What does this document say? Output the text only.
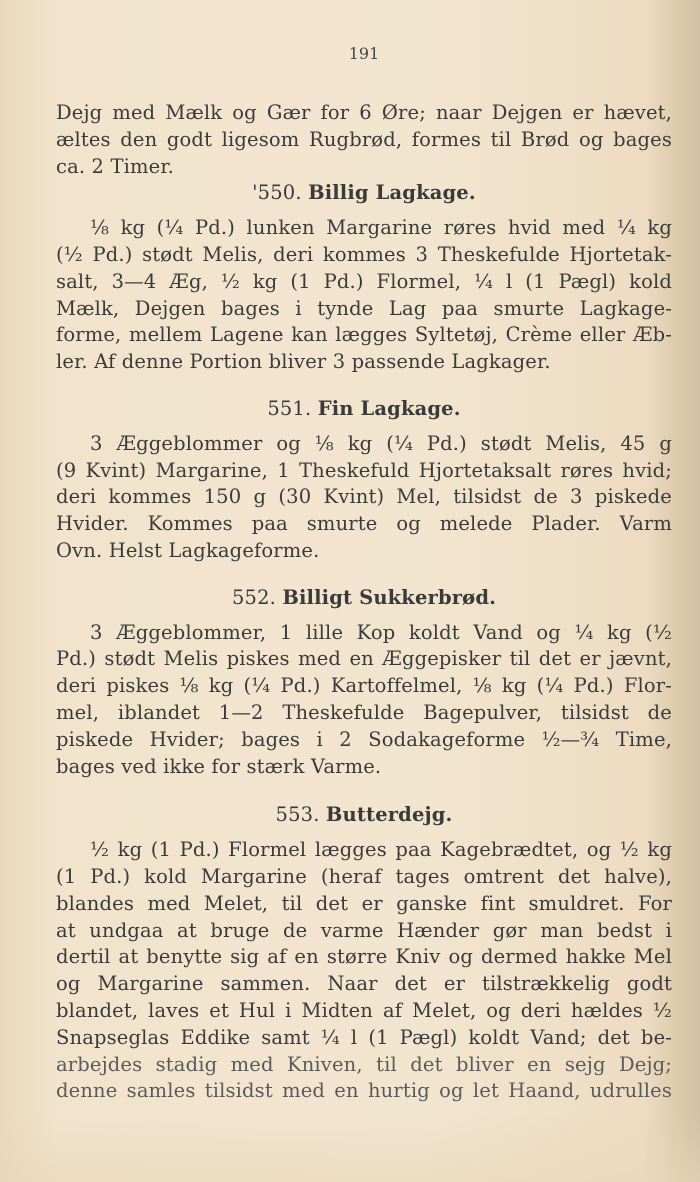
191
Dejg med Mælk og Gær for 6 Øre; naar Dejgen er hævet,
æltes den godt ligesom Rugbrød, formes til Brød og bages
ca. 2 Timer.
'550. Billig Lagkage.
⅛ kg (¼ Pd.) lunken Margarine røres hvid med ¼ kg
(½ Pd.) stødt Melis, deri kommes 3 Theskefulde Hjortetak-
salt, 3—4 Æg, ½ kg (1 Pd.) Flormel, ¼ l (1 Pægl) kold
Mælk, Dejgen bages i tynde Lag paa smurte Lagkage-
forme, mellem Lagene kan lægges Syltetøj, Crème eller Æb-
ler. Af denne Portion bliver 3 passende Lagkager.
551. Fin Lagkage.
3 Æggeblommer og ⅛ kg (¼ Pd.) stødt Melis, 45 g
(9 Kvint) Margarine, 1 Theskefuld Hjortetaksalt røres hvid;
deri kommes 150 g (30 Kvint) Mel, tilsidst de 3 piskede
Hvider. Kommes paa smurte og melede Plader. Varm
Ovn. Helst Lagkageforme.
552. Billigt Sukkerbrød.
3 Æggeblommer, 1 lille Kop koldt Vand og ¼ kg (½
Pd.) stødt Melis piskes med en Æggepisker til det er jævnt,
deri piskes ⅛ kg (¼ Pd.) Kartoffelmel, ⅛ kg (¼ Pd.) Flor-
mel, iblandet 1—2 Theskefulde Bagepulver, tilsidst de
piskede Hvider; bages i 2 Sodakageforme ½—¾ Time,
bages ved ikke for stærk Varme.
553. Butterdejg.
½ kg (1 Pd.) Flormel lægges paa Kagebrædtet, og ½ kg
(1 Pd.) kold Margarine (heraf tages omtrent det halve),
blandes med Melet, til det er ganske fint smuldret. For
at undgaa at bruge de varme Hænder gør man bedst i
dertil at benytte sig af en større Kniv og dermed hakke Mel
og Margarine sammen. Naar det er tilstrækkelig godt
blandet, laves et Hul i Midten af Melet, og deri hældes ½
Snapseglas Eddike samt ¼ l (1 Pægl) koldt Vand; det be-
arbejdes stadig med Kniven, til det bliver en sejg Dejg;
denne samles tilsidst med en hurtig og let Haand, udrulles
